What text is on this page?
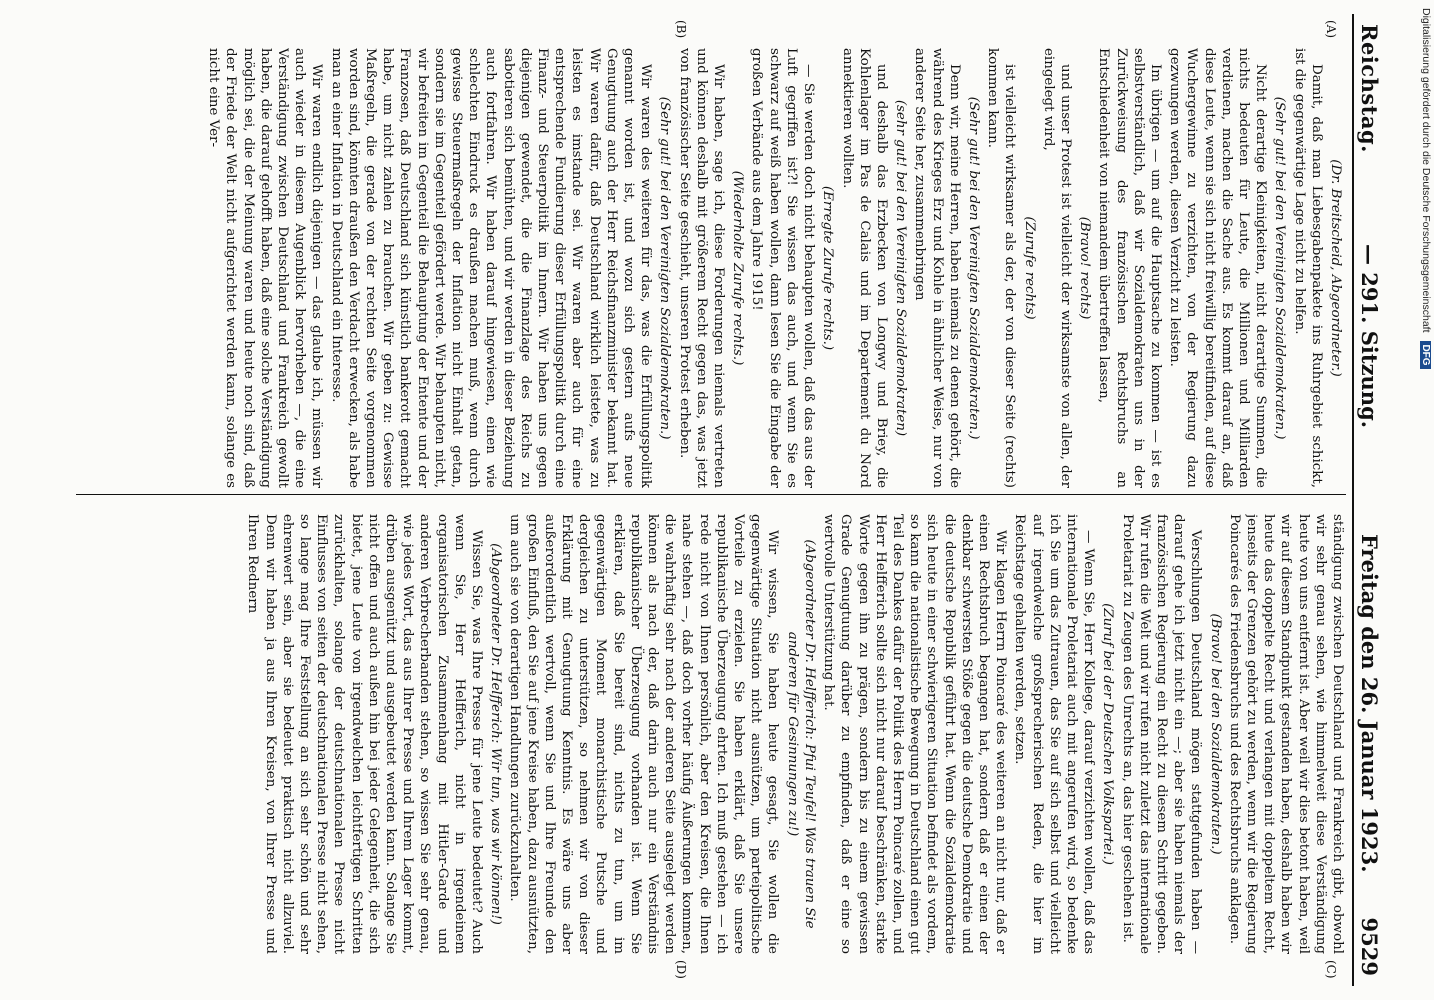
Reichstag.
— 291. Sitzung.
Freitag den 26. Januar 1923.
9529
(A)
(B)
(C)
(D)

(Dr. Breitscheid, Abgeordneter.)

Damit, daß man Liebesgabenpakete ins Ruhrgebiet schickt, ist die gegenwärtige Lage nicht zu helfen.

(Sehr gut! bei den Vereinigten Sozialdemokraten.)

Nicht derartige Kleinigkeiten, nicht derartige Summen, die nichts bedeuten für Leute, die Millionen und Milliarden verdienen, machen die Sache aus. Es kommt darauf an, daß diese Leute, wenn sie sich nicht freiwillig bereitfinden, auf diese Wuchergewinne zu verzichten, von der Regierung dazu gezwungen werden, diesen Verzicht zu leisten.

Im übrigen — um auf die Hauptsache zu kommen — ist es selbstverständlich, daß wir Sozialdemokraten uns in der Zurückweisung des französischen Rechtsbruchs an Entschiedenheit von niemandem übertreffen lassen,

(Bravo! rechts)

und unser Protest ist vielleicht der wirksamste von allen, der eingelegt wird,

(Zurufe rechts)

ist vielleicht wirksamer als der, der von dieser Seite (rechts) kommen kann.

(Sehr gut! bei den Vereinigten Sozialdemokraten.)

Denn wir, meine Herren, haben niemals zu denen gehört, die während des Krieges Erz und Kohle in ähnlicher Weise, nur von anderer Seite her, zusammenbringen

(sehr gut! bei den Vereinigten Sozialdemokraten)

und deshalb das Erzbecken von Longwy und Briey, die Kohlenlager im Pas de Calais und im Departement du Nord annektieren wollten.

(Erregte Zurufe rechts.)

— Sie werden doch nicht behaupten wollen, daß das aus der Luft gegriffen ist?! Sie wissen das auch, und wenn Sie es schwarz auf weiß haben wollen, dann lesen Sie die Eingabe der großen Verbände aus dem Jahre 1915!

(Wiederholte Zurufe rechts.)

Wir haben, sage ich, diese Forderungen niemals vertreten und können deshalb mit größerem Recht gegen das, was jetzt von französischer Seite geschieht, unseren Protest erheben.

(Sehr gut! bei den Vereinigten Sozialdemokraten.)

Wir waren des weiteren für das, was die Erfüllungspolitik genannt worden ist, und wozu sich gestern aufs neue Genugtuung auch der Herr Reichsfinanzminister bekannt hat. Wir waren dafür, daß Deutschland wirklich leistete, was zu leisten es imstande sei. Wir waren aber auch für eine entsprechende Fundierung dieser Erfüllungspolitik durch eine Finanz- und Steuerpolitik im Innern. Wir haben uns gegen diejenigen gewendet, die die Finanzlage des Reichs zu sabotieren sich bemühten, und wir werden in dieser Beziehung auch fortfahren. Wir haben darauf hingewiesen, einen wie schlechten Eindruck es draußen machen muß, wenn durch gewisse Steuermaßregeln der Inflation nicht Einhalt getan, sondern sie im Gegenteil gefördert werde. Wir behaupten nicht, wir befreiten im Gegenteil die Behauptung der Entente und der Franzosen, daß Deutschland sich künstlich bankerott gemacht habe, um nicht zahlen zu brauchen. Wir geben zu: Gewisse Maßregeln, die gerade von der rechten Seite vorgenommen worden sind, könnten draußen den Verdacht erwecken, als habe man an einer Inflation in Deutschland ein Interesse.

Wir waren endlich diejenigen — das glaube ich, müssen wir auch wieder in diesem Augenblick hervorheben —, die eine Verständigung zwischen Deutschland und Frankreich gewollt haben, die darauf gehofft haben, daß eine solche Verständigung möglich sei, die der Meinung waren und heute noch sind, daß der Friede der Welt nicht aufgerichtet werden kann, solange es nicht eine Ver-

ständigung zwischen Deutschland und Frankreich gibt, obwohl wir sehr genau sehen, wie himmelweit diese Verständigung heute von uns entfernt ist. Aber weil wir dies betont haben, weil wir auf diesem Standpunkt gestanden haben, deshalb haben wir heute das doppelte Recht und verlangen mit doppeltem Recht, jenseits der Grenzen gehört zu werden, wenn wir die Regierung Poincarés des Friedensbruchs und des Rechtsbruchs anklagen.

(Bravo! bei den Sozialdemokraten.)

Verschlungen Deutschland mögen stattgefunden haben — darauf gehe ich jetzt nicht ein —; aber sie haben niemals der französischen Regierung ein Recht zu diesem Schritt gegeben. Wir rufen die Welt und wir rufen nicht zuletzt das internationale Proletariat zu Zeugen des Unrechts an, das hier geschehen ist.

(Zuruf bei der Deutschen Volkspartei.)

— Wenn Sie, Herr Kollege, darauf verzichten wollen, daß das internationale Proletariat auch mit angerufen wird, so bedenke ich Sie um das Zutrauen, das Sie auf sich selbst und vielleicht auf irgendwelche großsprecherischen Reden, die hier im Reichstage gehalten werden, setzen.

Wir klagen Herrn Poincaré des weiteren an nicht nur, daß er einen Rechtsbruch begangen hat, sondern daß er einen der denkbar schwersten Stöße gegen die deutsche Demokratie und die deutsche Republik geführt hat. Wenn die Sozialdemokratie sich heute in einer schwierigeren Situation befindet als vordem, so kann die nationalistische Bewegung in Deutschland einen gut Teil des Dankes dafür der Politik des Herrn Poincaré zollen, und Herr Helfferich sollte sich nicht nur darauf beschränken, starke Worte gegen ihn zu prägen, sondern bis zu einem gewissen Grade Genugtuung darüber zu empfinden, daß er eine so wertvolle Unterstützung hat.

(Abgeordneter Dr. Helfferich: Pfui Teufel! Was trauen Sie anderen für Gesinnungen zu!)

Wir wissen, Sie haben heute gesagt, Sie wollen die gegenwärtige Situation nicht ausnützen, um parteipolitische Vorteile zu erzielen. Sie haben erklärt, daß Sie unsere republikanische Überzeugung ehrten. Ich muß gestehen — ich rede nicht von Ihnen persönlich, aber den Kreisen, die Ihnen nahe stehen —, daß doch vorher häufig Äußerungen kommen, die wahrhaftig sehr nach der anderen Seite ausgelegt werden können als nach der, daß darin auch nur ein Verständnis republikanischer Überzeugung vorhanden ist. Wenn Sie erklären, daß Sie bereit sind, nichts zu tun, um im gegenwärtigen Moment monarchistische Putsche und dergleichen zu unterstützen, so nehmen wir von dieser Erklärung mit Genugtuung Kenntnis. Es wäre uns aber außerordentlich wertvoll, wenn Sie und Ihre Freunde den großen Einfluß, den Sie auf jene Kreise haben, dazu ausnützten, um auch sie von derartigen Handlungen zurückzuhalten.

(Abgeordneter Dr. Helfferich: Wir tun, was wir können!)

Wissen Sie, was Ihre Presse für jene Leute bedeutet? Auch wenn Sie, Herr Helfferich, nicht in irgendeinem organisatorischen Zusammenhang mit Hitler-Garde und anderen Verbrecherbanden stehen, so wissen Sie sehr genau, wie jedes Wort, das aus Ihrer Presse und Ihrem Lager kommt, drüben ausgenützt und ausgebeutet werden kann. Solange Sie nicht offen und auch außen hin bei jeder Gelegenheit, die sich bietet, jene Leute von irgendwelchen leichtfertigen Schritten zurückhalten, solange der deutschnationalen Presse nicht Einflusses von seiten der deutschnationalen Presse nicht sehen, so lange mag Ihre Feststellung an sich sehr schön und sehr ehrenwert sein, aber sie bedeutet praktisch nicht allzuviel. Denn wir haben ja aus Ihren Kreisen, von Ihrer Presse und Ihren Rednern

Digitalisierung gefördert durch die Deutsche Forschungsgemeinschaft DFG
